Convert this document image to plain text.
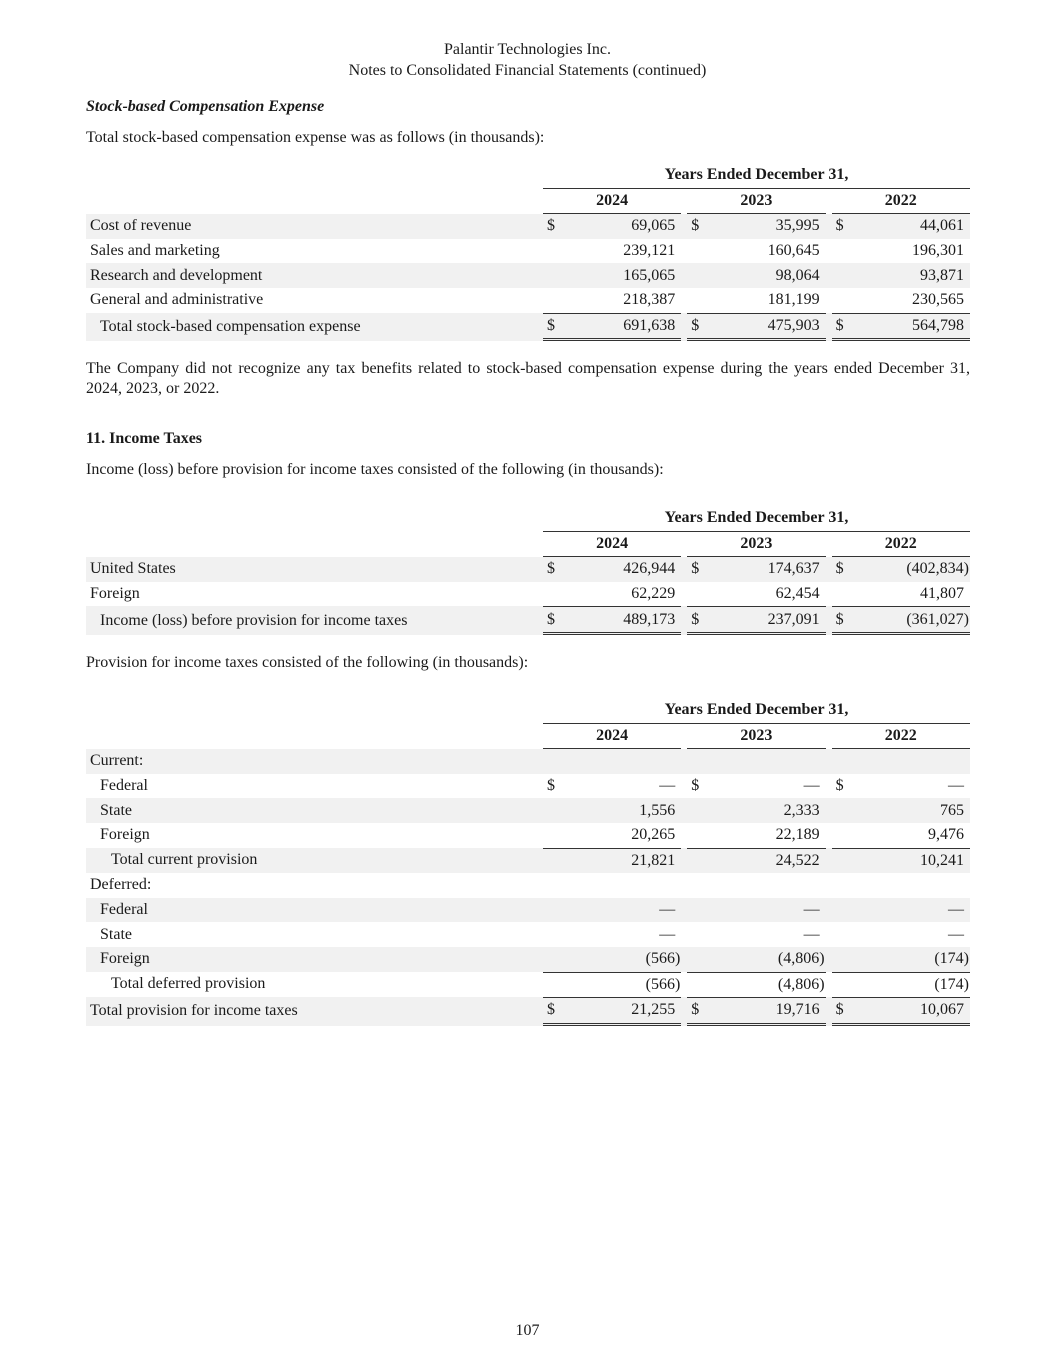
Palantir Technologies Inc.
Notes to Consolidated Financial Statements (continued)
Stock-based Compensation Expense
Total stock-based compensation expense was as follows (in thousands):
	Years Ended December 31,							
	2024			2023			2022	
Cost of revenue	$	69,065		$	35,995		$	44,061
Sales and marketing		239,121			160,645			196,301
Research and development		165,065			98,064			93,871
General and administrative		218,387			181,199			230,565
Total stock-based compensation expense	$	691,638		$	475,903		$	564,798
The Company did not recognize any tax benefits related to stock-based compensation expense during the years ended December 31, 2024, 2023, or 2022.
11. Income Taxes
Income (loss) before provision for income taxes consisted of the following (in thousands):
	Years Ended December 31,							
	2024			2023			2022	
United States	$	426,944		$	174,637		$	(402,834)
Foreign		62,229			62,454			41,807
Income (loss) before provision for income taxes	$	489,173		$	237,091		$	(361,027)
Provision for income taxes consisted of the following (in thousands):
	Years Ended December 31,							
	2024			2023			2022	
Current:								
Federal	$	—		$	—		$	—
State		1,556			2,333			765
Foreign		20,265			22,189			9,476
Total current provision		21,821			24,522			10,241
Deferred:								
Federal		—			—			—
State		—			—			—
Foreign		(566)			(4,806)			(174)
Total deferred provision		(566)			(4,806)			(174)
Total provision for income taxes	$	21,255		$	19,716		$	10,067
107
